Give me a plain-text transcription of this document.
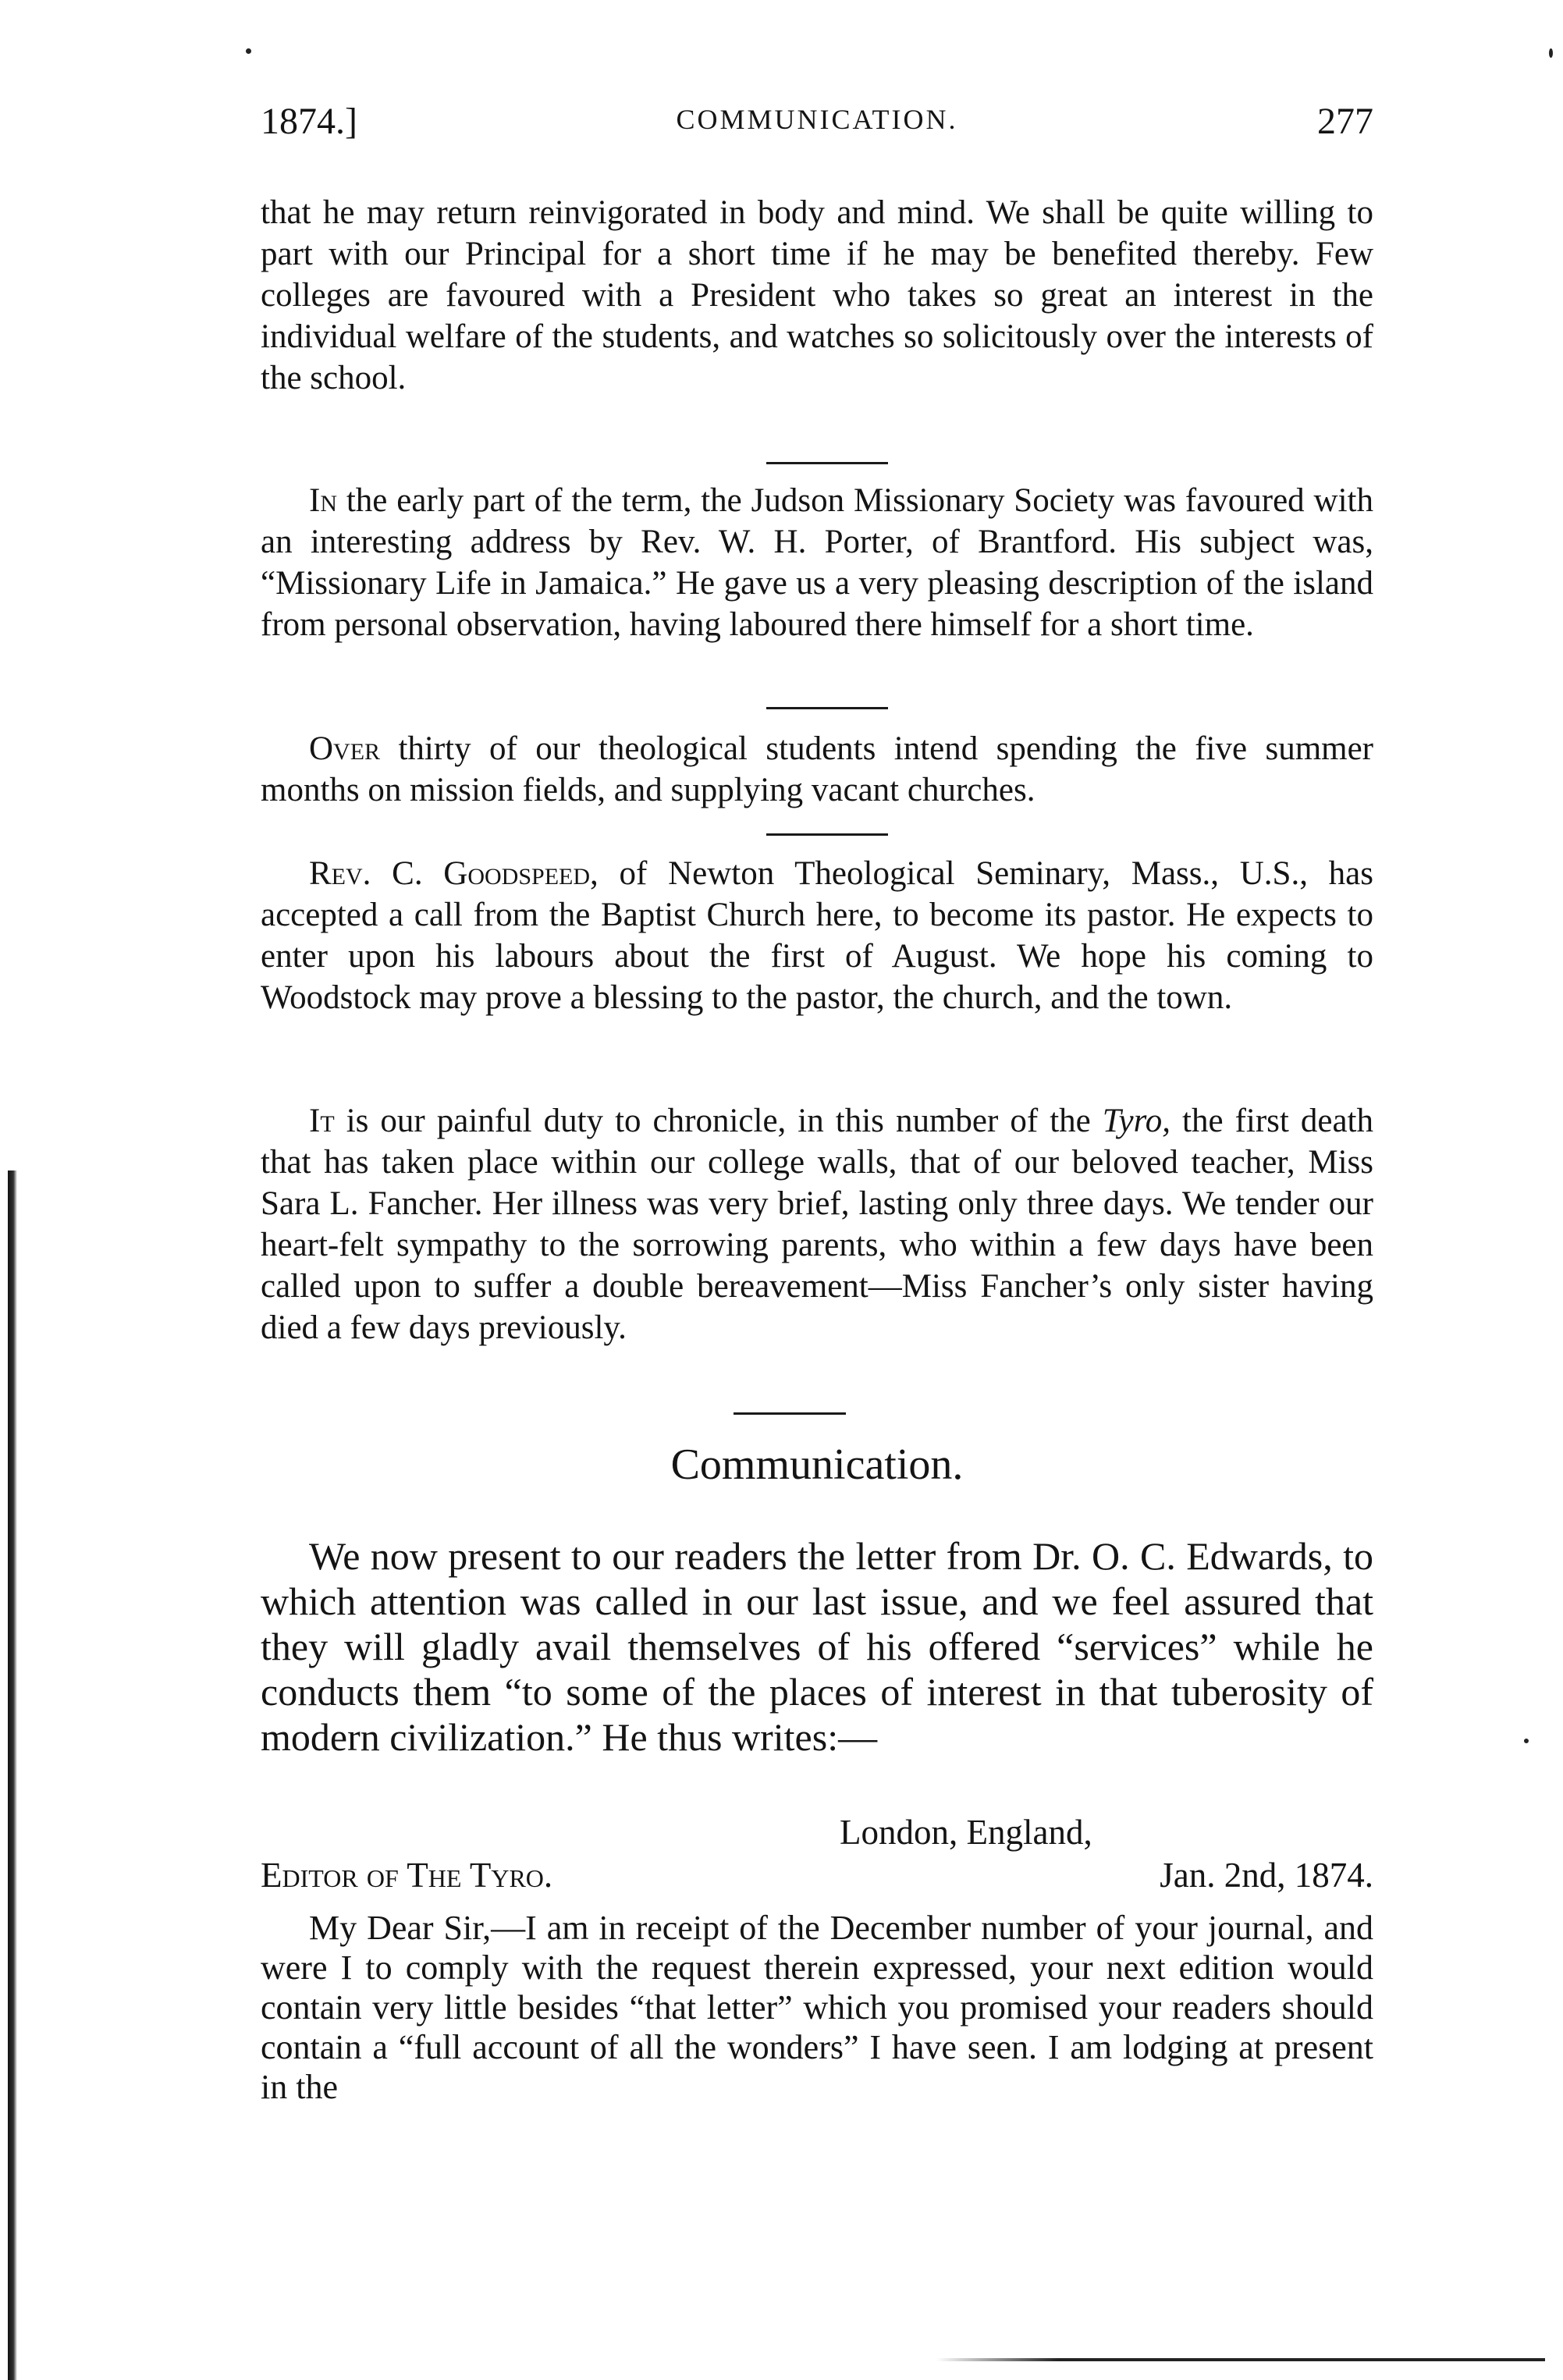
1874.]	COMMUNICATION.	277

that he may return reinvigorated in body and mind. We shall be quite willing to part with our Principal for a short time if he may be benefited thereby. Few colleges are favoured with a President who takes so great an interest in the individual welfare of the students, and watches so solicitously over the interests of the school.

In the early part of the term, the Judson Missionary Society was favoured with an interesting address by Rev. W. H. Porter, of Brantford. His subject was, “Missionary Life in Jamaica.” He gave us a very pleasing description of the island from personal observation, having laboured there himself for a short time.

Over thirty of our theological students intend spending the five summer months on mission fields, and supplying vacant churches.

Rev. C. Goodspeed, of Newton Theological Seminary, Mass., U.S., has accepted a call from the Baptist Church here, to become its pastor. He expects to enter upon his labours about the first of August. We hope his coming to Woodstock may prove a blessing to the pastor, the church, and the town.

It is our painful duty to chronicle, in this number of the Tyro, the first death that has taken place within our college walls, that of our beloved teacher, Miss Sara L. Fancher. Her illness was very brief, lasting only three days. We tender our heart-felt sympathy to the sorrowing parents, who within a few days have been called upon to suffer a double bereavement—Miss Fancher’s only sister having died a few days previously.

Communication.

We now present to our readers the letter from Dr. O. C. Edwards, to which attention was called in our last issue, and we feel assured that they will gladly avail themselves of his offered “services” while he conducts them “to some of the places of interest in that tuberosity of modern civilization.” He thus writes:—

London, England,
Editor of The Tyro.	Jan. 2nd, 1874.

My Dear Sir,—I am in receipt of the December number of your journal, and were I to comply with the request therein expressed, your next edition would contain very little besides “that letter” which you promised your readers should contain a “full account of all the wonders” I have seen. I am lodging at present in the
